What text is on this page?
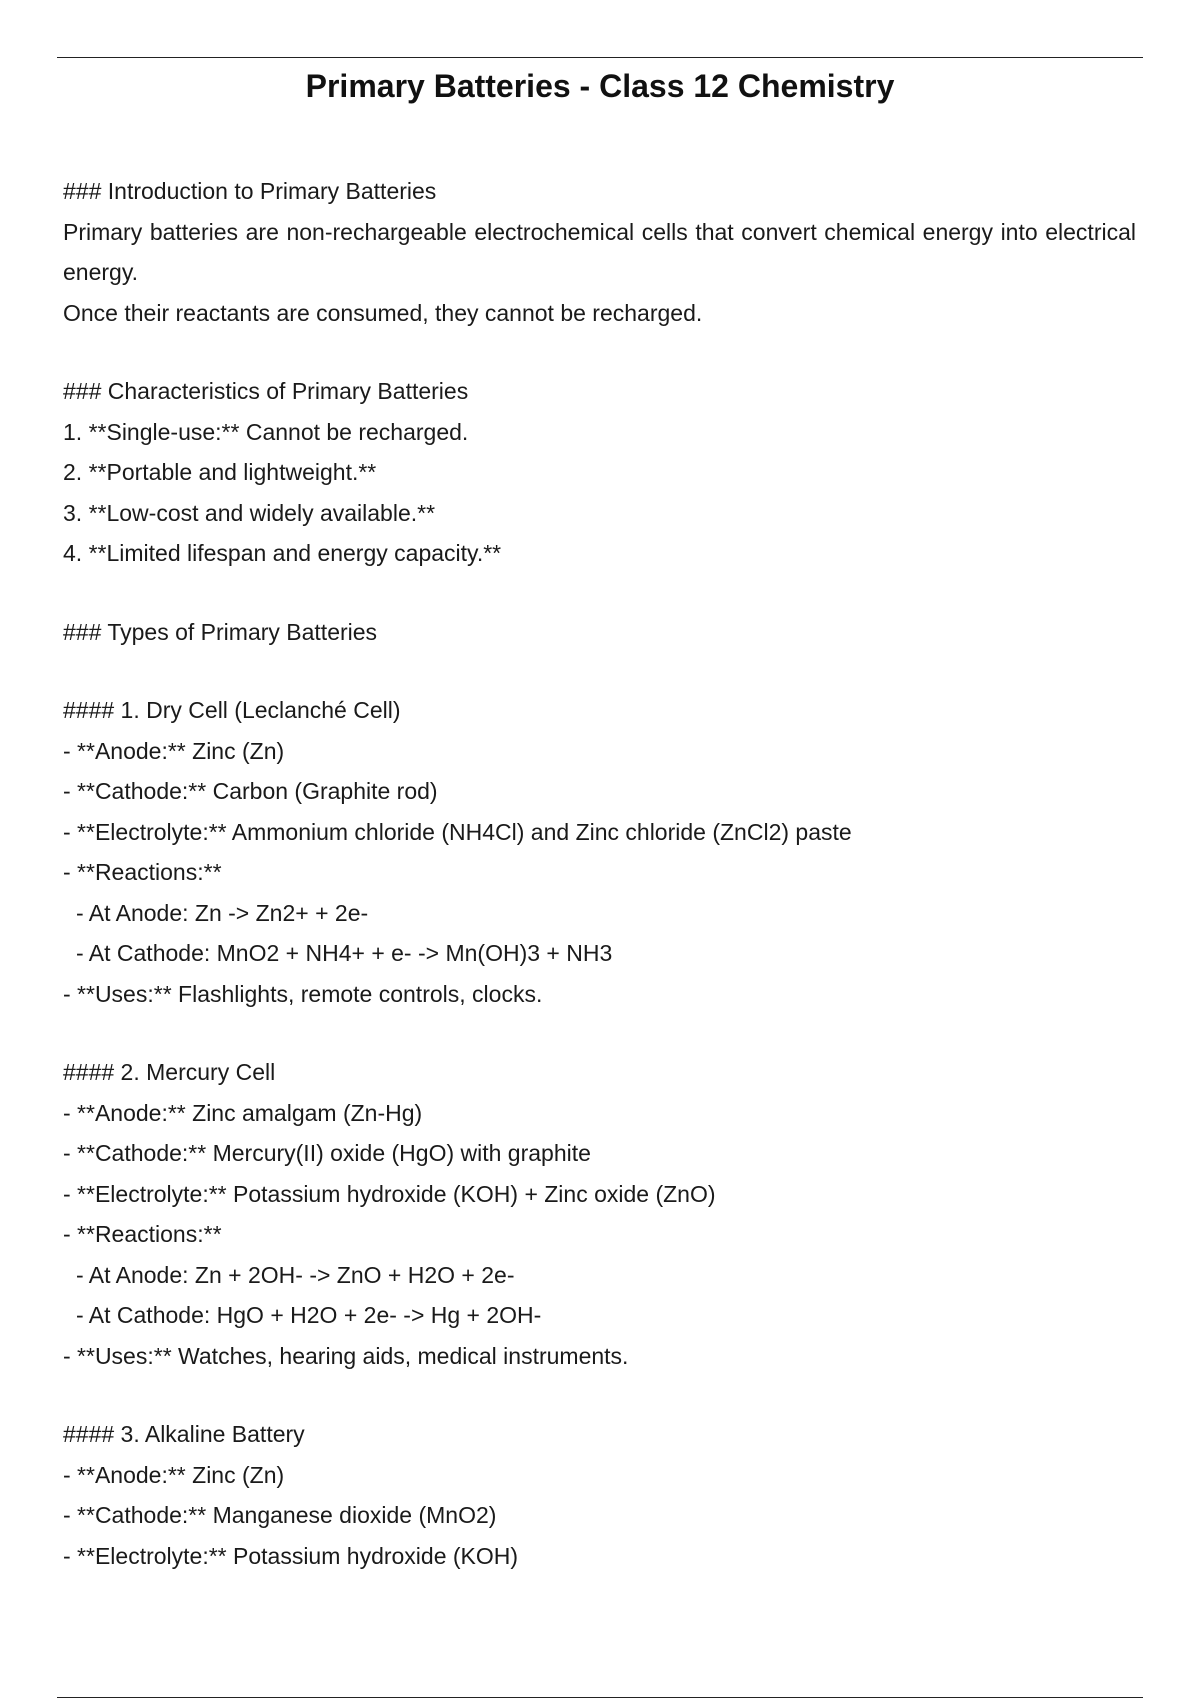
Primary Batteries - Class 12 Chemistry
### Introduction to Primary Batteries
Primary batteries are non-rechargeable electrochemical cells that convert chemical energy into electrical energy.
Once their reactants are consumed, they cannot be recharged.
### Characteristics of Primary Batteries
1. **Single-use:** Cannot be recharged.
2. **Portable and lightweight.**
3. **Low-cost and widely available.**
4. **Limited lifespan and energy capacity.**
### Types of Primary Batteries
#### 1. Dry Cell (Leclanché Cell)
- **Anode:** Zinc (Zn)
- **Cathode:** Carbon (Graphite rod)
- **Electrolyte:** Ammonium chloride (NH4Cl) and Zinc chloride (ZnCl2) paste
- **Reactions:**
- At Anode: Zn -> Zn2+ + 2e-
- At Cathode: MnO2 + NH4+ + e- -> Mn(OH)3 + NH3
- **Uses:** Flashlights, remote controls, clocks.
#### 2. Mercury Cell
- **Anode:** Zinc amalgam (Zn-Hg)
- **Cathode:** Mercury(II) oxide (HgO) with graphite
- **Electrolyte:** Potassium hydroxide (KOH) + Zinc oxide (ZnO)
- **Reactions:**
- At Anode: Zn + 2OH- -> ZnO + H2O + 2e-
- At Cathode: HgO + H2O + 2e- -> Hg + 2OH-
- **Uses:** Watches, hearing aids, medical instruments.
#### 3. Alkaline Battery
- **Anode:** Zinc (Zn)
- **Cathode:** Manganese dioxide (MnO2)
- **Electrolyte:** Potassium hydroxide (KOH)
